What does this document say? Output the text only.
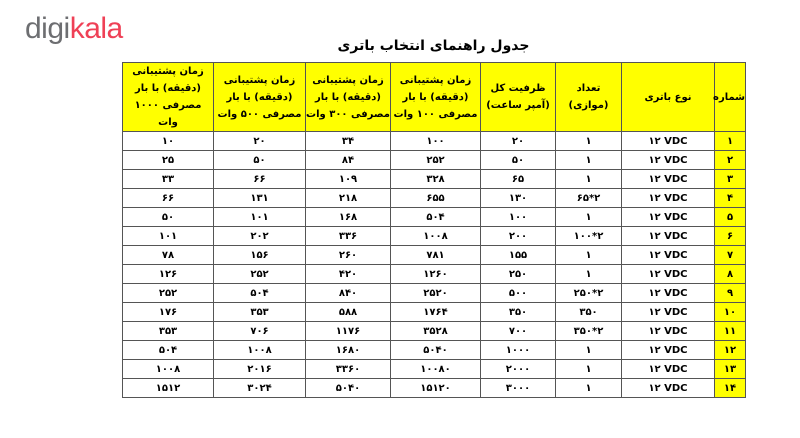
digikala
جدول راهنمای انتخاب باتری
شماره	نوع باتری	تعداد (موازی)	ظرفیت کل (آمپر ساعت)	زمان پشتیبانی (دقیقه) با بار مصرفی ۱۰۰ وات	زمان پشتیبانی (دقیقه) با بار مصرفی ۳۰۰ وات	زمان پشتیبانی (دقیقه) با بار مصرفی ۵۰۰ وات	زمان پشتیبانی (دقیقه) با بار مصرفی ۱۰۰۰ وات
۱	۱۲ VDC	۱	۲۰	۱۰۰	۳۴	۲۰	۱۰
۲	۱۲ VDC	۱	۵۰	۲۵۲	۸۴	۵۰	۲۵
۳	۱۲ VDC	۱	۶۵	۳۲۸	۱۰۹	۶۶	۳۳
۴	۱۲ VDC	۲*۶۵	۱۳۰	۶۵۵	۲۱۸	۱۳۱	۶۶
۵	۱۲ VDC	۱	۱۰۰	۵۰۴	۱۶۸	۱۰۱	۵۰
۶	۱۲ VDC	۲*۱۰۰	۲۰۰	۱۰۰۸	۳۳۶	۲۰۲	۱۰۱
۷	۱۲ VDC	۱	۱۵۵	۷۸۱	۲۶۰	۱۵۶	۷۸
۸	۱۲ VDC	۱	۲۵۰	۱۲۶۰	۴۲۰	۲۵۲	۱۲۶
۹	۱۲ VDC	۲*۲۵۰	۵۰۰	۲۵۲۰	۸۴۰	۵۰۴	۲۵۲
۱۰	۱۲ VDC	۳۵۰	۳۵۰	۱۷۶۴	۵۸۸	۳۵۳	۱۷۶
۱۱	۱۲ VDC	۲*۳۵۰	۷۰۰	۳۵۲۸	۱۱۷۶	۷۰۶	۳۵۳
۱۲	۱۲ VDC	۱	۱۰۰۰	۵۰۴۰	۱۶۸۰	۱۰۰۸	۵۰۴
۱۳	۱۲ VDC	۱	۲۰۰۰	۱۰۰۸۰	۳۳۶۰	۲۰۱۶	۱۰۰۸
۱۴	۱۲ VDC	۱	۳۰۰۰	۱۵۱۲۰	۵۰۴۰	۳۰۲۴	۱۵۱۲
